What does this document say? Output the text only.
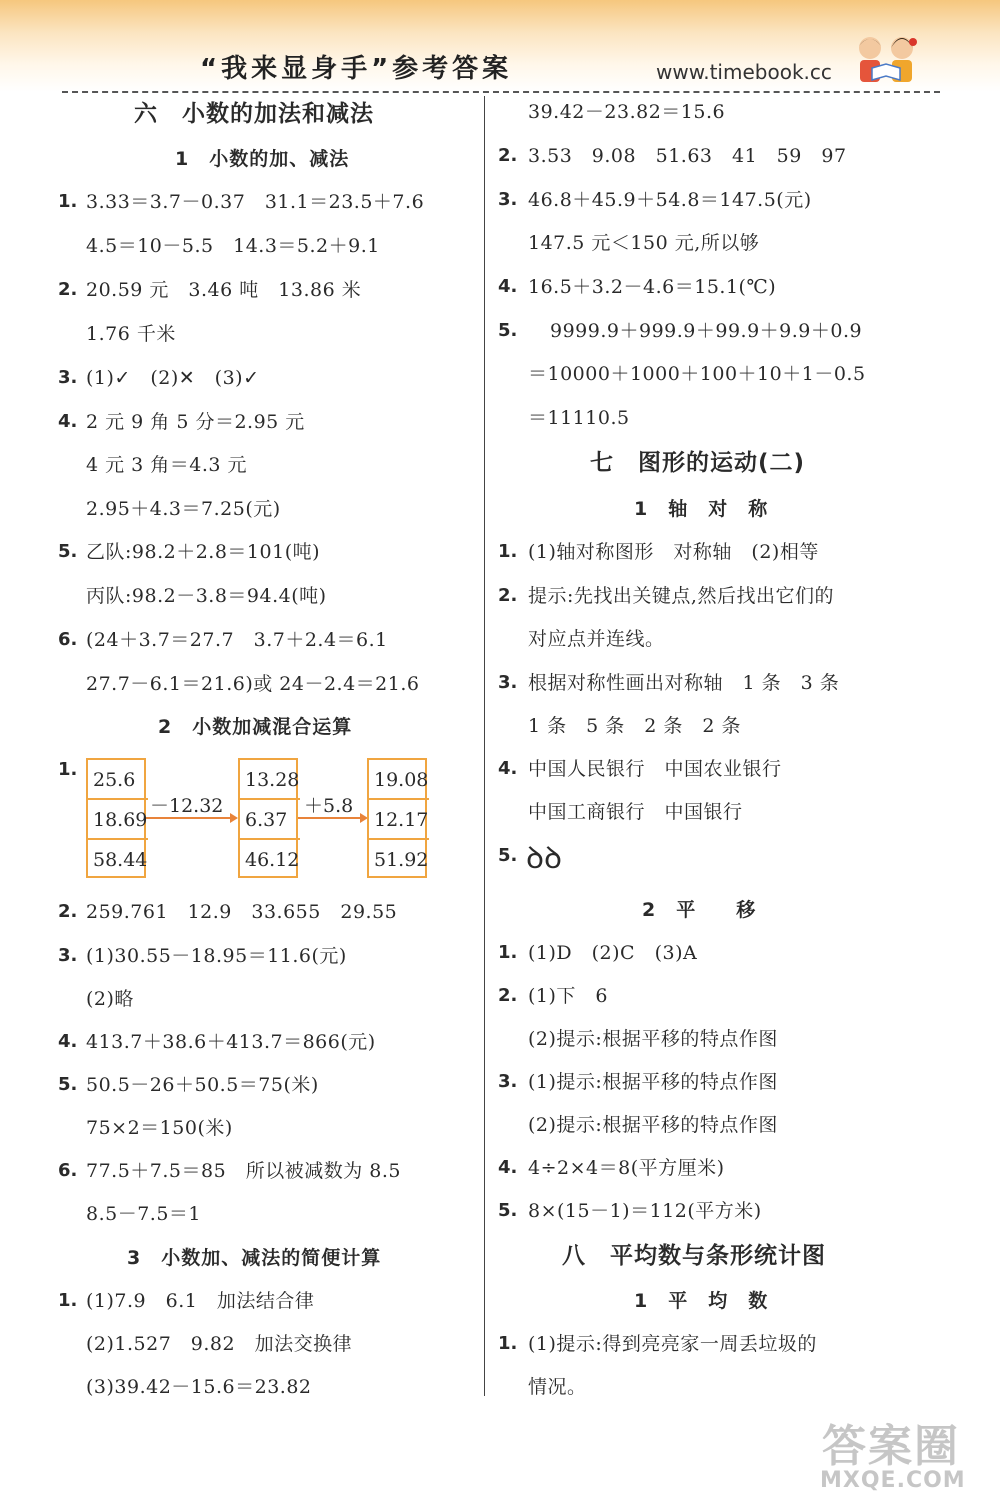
“我来显身手”参考答案	www.timebook.cc
六　小数的加法和减法
1　小数的加、减法
1. 3.33＝3.7－0.37　31.1＝23.5＋7.6
4.5＝10－5.5　14.3＝5.2＋9.1
2. 20.59 元　3.46 吨　13.86 米
1.76 千米
3. (1)✓　(2)✕　(3)✓
4. 2 元 9 角 5 分＝2.95 元
4 元 3 角＝4.3 元
2.95＋4.3＝7.25(元)
5. 乙队:98.2＋2.8＝101(吨)
丙队:98.2－3.8＝94.4(吨)
6. (24＋3.7＝27.7　3.7＋2.4＝6.1
27.7－6.1＝21.6)或 24－2.4＝21.6
2　小数加减混合运算
1. 25.6
18.69
58.44
－12.32
13.28
6.37
46.12
＋5.8
19.08
12.17
51.92
2. 259.761　12.9　33.655　29.55
3. (1)30.55－18.95＝11.6(元)
(2)略
4. 413.7＋38.6＋413.7＝866(元)
5. 50.5－26＋50.5＝75(米)
75×2＝150(米)
6. 77.5＋7.5＝85　所以被减数为 8.5
8.5－7.5＝1
3　小数加、减法的简便计算
1. (1)7.9　6.1　加法结合律
(2)1.527　9.82　加法交换律
(3)39.42－15.6＝23.82
39.42－23.82＝15.6
2. 3.53　9.08　51.63　41　59　97
3. 46.8＋45.9＋54.8＝147.5(元)
147.5 元＜150 元,所以够
4. 16.5＋3.2－4.6＝15.1(℃)
5. 9999.9＋999.9＋99.9＋9.9＋0.9
＝10000＋1000＋100＋10＋1－0.5
＝11110.5
七　图形的运动(二)
1　轴　对　称
1. (1)轴对称图形　对称轴　(2)相等
2. 提示:先找出关键点,然后找出它们的
对应点并连线。
3. 根据对称性画出对称轴　1 条　3 条
1 条　5 条　2 条　2 条
4. 中国人民银行　中国农业银行
中国工商银行　中国银行
5. ꝺꝺ
2　平　　移
1. (1)D　(2)C　(3)A
2. (1)下　6
(2)提示:根据平移的特点作图
3. (1)提示:根据平移的特点作图
(2)提示:根据平移的特点作图
4. 4÷2×4＝8(平方厘米)
5. 8×(15－1)＝112(平方米)
八　平均数与条形统计图
1　平　均　数
1. (1)提示:得到亮亮家一周丢垃圾的
情况。
答案圈
MXQE.COM
